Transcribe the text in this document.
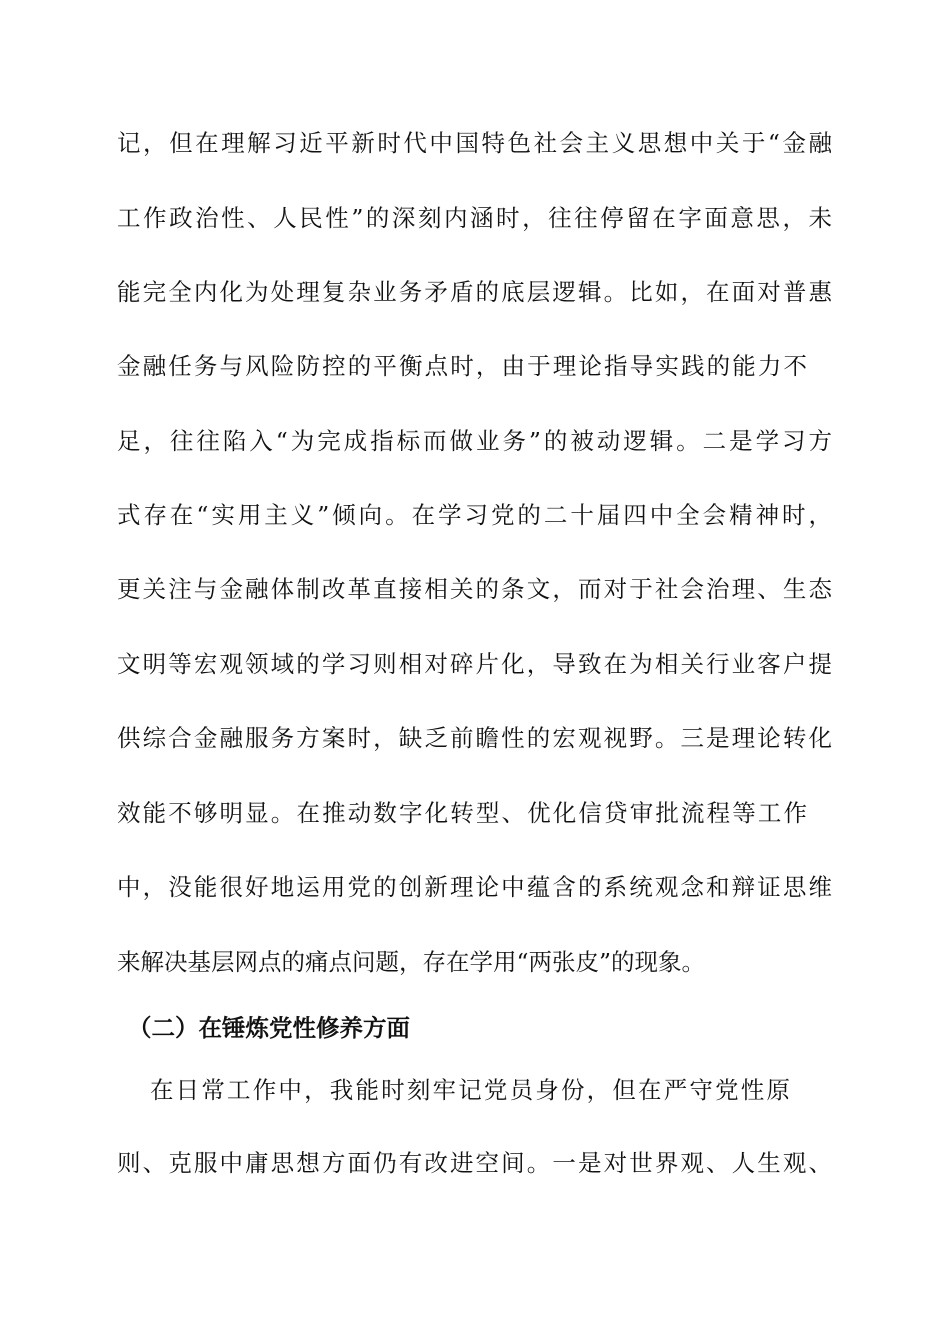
记，但在理解习近平新时代中国特色社会主义思想中关于“金融
工作政治性、人民性”的深刻内涵时，往往停留在字面意思，未
能完全内化为处理复杂业务矛盾的底层逻辑。比如，在面对普惠
金融任务与风险防控的平衡点时，由于理论指导实践的能力不
足，往往陷入“为完成指标而做业务”的被动逻辑。二是学习方
式存在“实用主义”倾向。在学习党的二十届四中全会精神时，
更关注与金融体制改革直接相关的条文，而对于社会治理、生态
文明等宏观领域的学习则相对碎片化，导致在为相关行业客户提
供综合金融服务方案时，缺乏前瞻性的宏观视野。三是理论转化
效能不够明显。在推动数字化转型、优化信贷审批流程等工作
中，没能很好地运用党的创新理论中蕴含的系统观念和辩证思维
来解决基层网点的痛点问题，存在学用“两张皮”的现象。
（二）在锤炼党性修养方面
在日常工作中，我能时刻牢记党员身份，但在严守党性原
则、克服中庸思想方面仍有改进空间。一是对世界观、人生观、
